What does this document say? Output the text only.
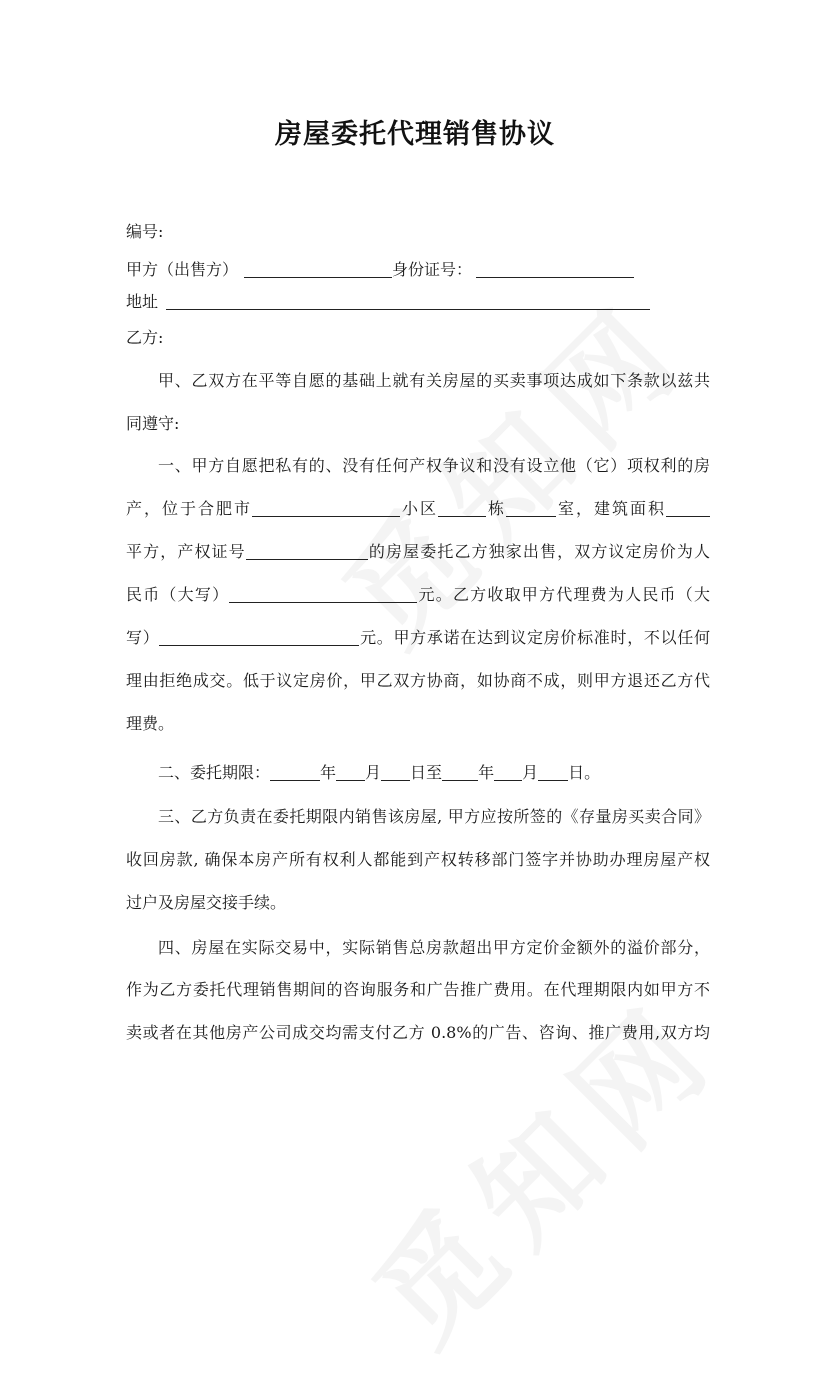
房屋委托代理销售协议
编号:
甲方（出售方）	身份证号：
地址
乙方:
甲、乙双方在平等自愿的基础上就有关房屋的买卖事项达成如下条款以兹共
同遵守:
一、甲方自愿把私有的、没有任何产权争议和没有设立他（它）项权利的房
产，位于合肥市	小区	栋	室，建筑面积
平方，产权证号	的房屋委托乙方独家出售，双方议定房价为人
民币（大写）	元。乙方收取甲方代理费为人民币（大
写）	元。甲方承诺在达到议定房价标准时，不以任何
理由拒绝成交。低于议定房价，甲乙双方协商，如协商不成，则甲方退还乙方代
理费。
二、委托期限：	年 月 日至 年 月 日。
三、乙方负责在委托期限内销售该房屋, 甲方应按所签的《存量房买卖合同》
收回房款, 确保本房产所有权利人都能到产权转移部门签字并协助办理房屋产权
过户及房屋交接手续。
四、房屋在实际交易中，实际销售总房款超出甲方定价金额外的溢价部分，
作为乙方委托代理销售期间的咨询服务和广告推广费用。在代理期限内如甲方不
卖或者在其他房产公司成交均需支付乙方 0.8%的广告、咨询、推广费用,双方均
